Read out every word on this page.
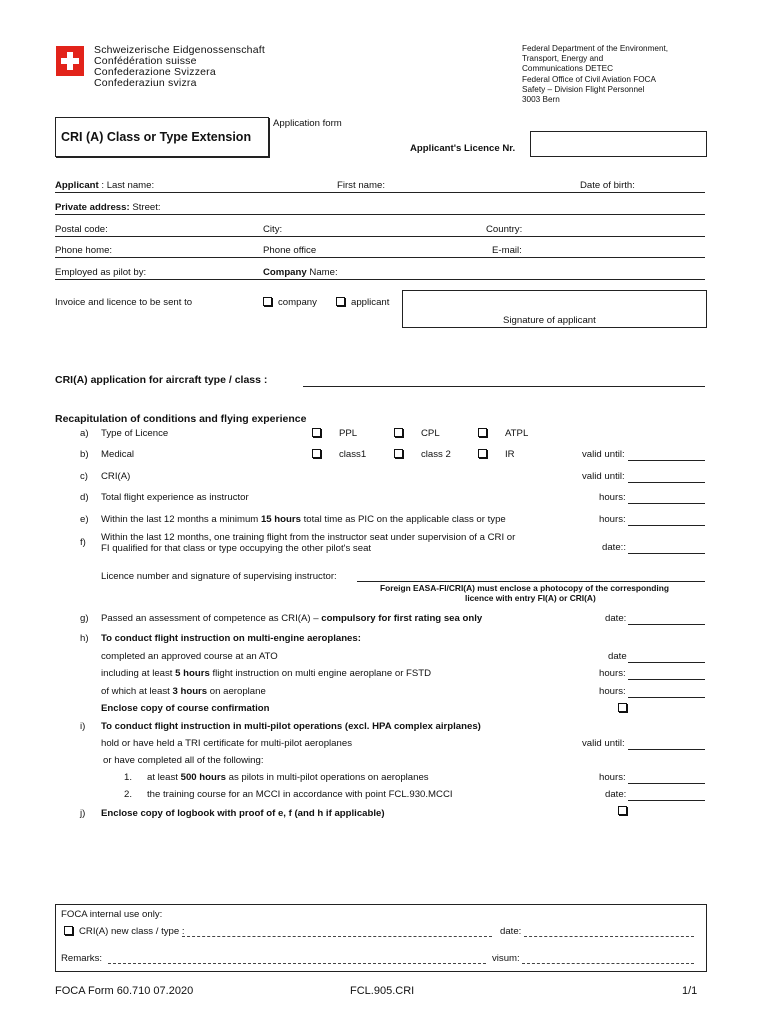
Schweizerische Eidgenossenschaft
Confédération suisse
Confederazione Svizzera
Confederaziun svizra
Federal Department of the Environment,
Transport, Energy and
Communications DETEC
Federal Office of Civil Aviation FOCA
Safety – Division Flight Personnel
3003 Bern
CRI (A) Class or Type Extension
Application form
Applicant's Licence Nr.
Applicant : Last name:	First name:	Date of birth:
Private address: Street:
Postal code:	City:	Country:
Phone home:	Phone office	E-mail:
Employed as pilot by:	Company Name:
Invoice and licence to be sent to	company	applicant
Signature of applicant
CRI(A) application for aircraft type / class :
Recapitulation of conditions and flying experience
a) Type of Licence	PPL	CPL	ATPL
b) Medical	class1	class 2	IR	valid until:
c) CRI(A)	valid until:
d) Total flight experience as instructor	hours:
e) Within the last 12 months a minimum 15 hours total time as PIC on the applicable class or type	hours:
f) Within the last 12 months, one training flight from the instructor seat under supervision of a CRI or
FI qualified for that class or type occupying the other pilot's seat	date::
Licence number and signature of supervising instructor:
Foreign EASA-FI/CRI(A) must enclose a photocopy of the corresponding
licence with entry FI(A) or CRI(A)
g) Passed an assessment of competence as CRI(A) – compulsory for first rating sea only	date:
h) To conduct flight instruction on multi-engine aeroplanes:
completed an approved course at an ATO	date
including at least 5 hours flight instruction on multi engine aeroplane or FSTD	hours:
of which at least 3 hours on aeroplane	hours:
Enclose copy of course confirmation
i) To conduct flight instruction in multi-pilot operations (excl. HPA complex airplanes)
hold or have held a TRI certificate for multi-pilot aeroplanes	valid until:
or have completed all of the following:
1. at least 500 hours as pilots in multi-pilot operations on aeroplanes	hours:
2. the training course for an MCCI in accordance with point FCL.930.MCCI	date:
j) Enclose copy of logbook with proof of e, f (and h if applicable)
FOCA internal use only:
CRI(A) new class / type :	date:
Remarks:	visum:
FOCA Form 60.710 07.2020	FCL.905.CRI	1/1
